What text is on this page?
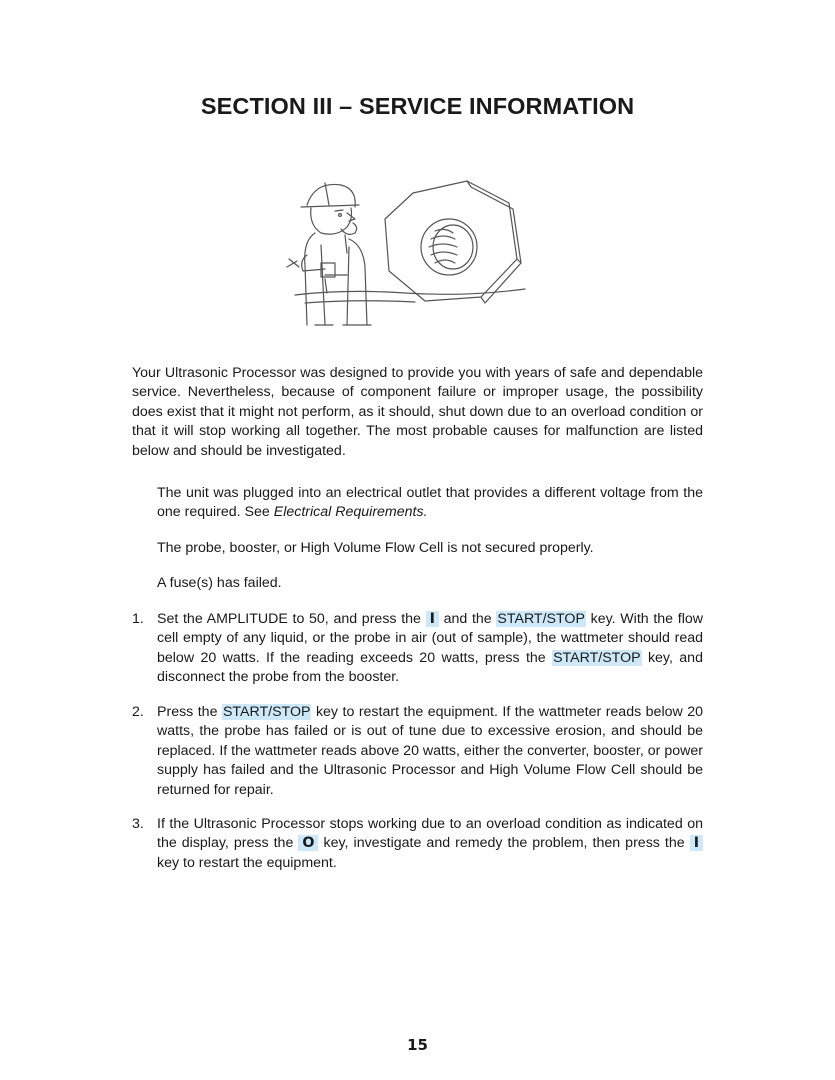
SECTION III – SERVICE INFORMATION

Your Ultrasonic Processor was designed to provide you with years of safe and dependable service. Nevertheless, because of component failure or improper usage, the possibility does exist that it might not perform, as it should, shut down due to an overload condition or that it will stop working all together. The most probable causes for malfunction are listed below and should be investigated.

The unit was plugged into an electrical outlet that provides a different voltage from the one required. See Electrical Requirements.

The probe, booster, or High Volume Flow Cell is not secured properly.

A fuse(s) has failed.

1. Set the AMPLITUDE to 50, and press the I and the START/STOP key. With the flow cell empty of any liquid, or the probe in air (out of sample), the wattmeter should read below 20 watts. If the reading exceeds 20 watts, press the START/STOP key, and disconnect the probe from the booster.

2. Press the START/STOP key to restart the equipment. If the wattmeter reads below 20 watts, the probe has failed or is out of tune due to excessive erosion, and should be replaced. If the wattmeter reads above 20 watts, either the converter, booster, or power supply has failed and the Ultrasonic Processor and High Volume Flow Cell should be returned for repair.

3. If the Ultrasonic Processor stops working due to an overload condition as indicated on the display, press the O key, investigate and remedy the problem, then press the I key to restart the equipment.

15
